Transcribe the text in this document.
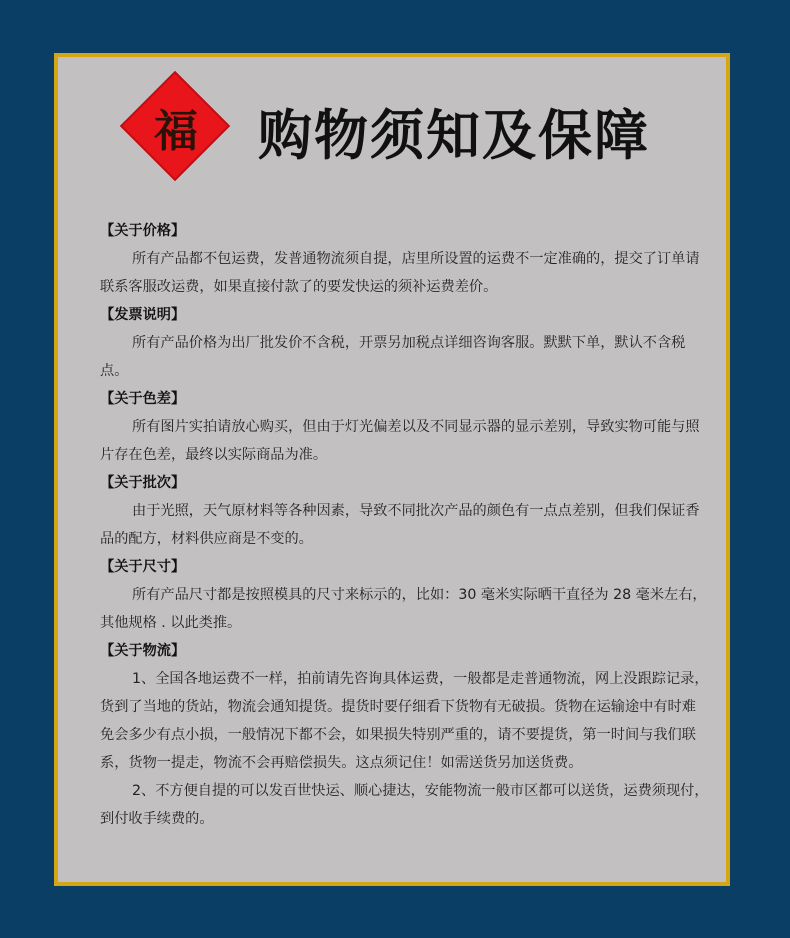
福	购物须知及保障
【关于价格】

所有产品都不包运费，发普通物流须自提，店里所设置的运费不一定准确的，提交了订单请联系客服改运费，如果直接付款了的要发快运的须补运费差价。

【发票说明】

所有产品价格为出厂批发价不含税，开票另加税点详细咨询客服。默默下单，默认不含税点。

【关于色差】

所有图片实拍请放心购买，但由于灯光偏差以及不同显示器的显示差别，导致实物可能与照片存在色差，最终以实际商品为准。

【关于批次】

由于光照，天气原材料等各种因素，导致不同批次产品的颜色有一点点差别，但我们保证香品的配方，材料供应商是不变的。

【关于尺寸】

所有产品尺寸都是按照模具的尺寸来标示的，比如：30 毫米实际晒干直径为 28 毫米左右，其他规格 . 以此类推。

【关于物流】

1、全国各地运费不一样，拍前请先咨询具体运费，一般都是走普通物流，网上没跟踪记录，货到了当地的货站，物流会通知提货。提货时要仔细看下货物有无破损。货物在运输途中有时难免会多少有点小损，一般情况下都不会，如果损失特别严重的，请不要提货，第一时间与我们联系，货物一提走，物流不会再赔偿损失。这点须记住！如需送货另加送货费。

2、不方便自提的可以发百世快运、顺心捷达，安能物流一般市区都可以送货，运费须现付，到付收手续费的。
